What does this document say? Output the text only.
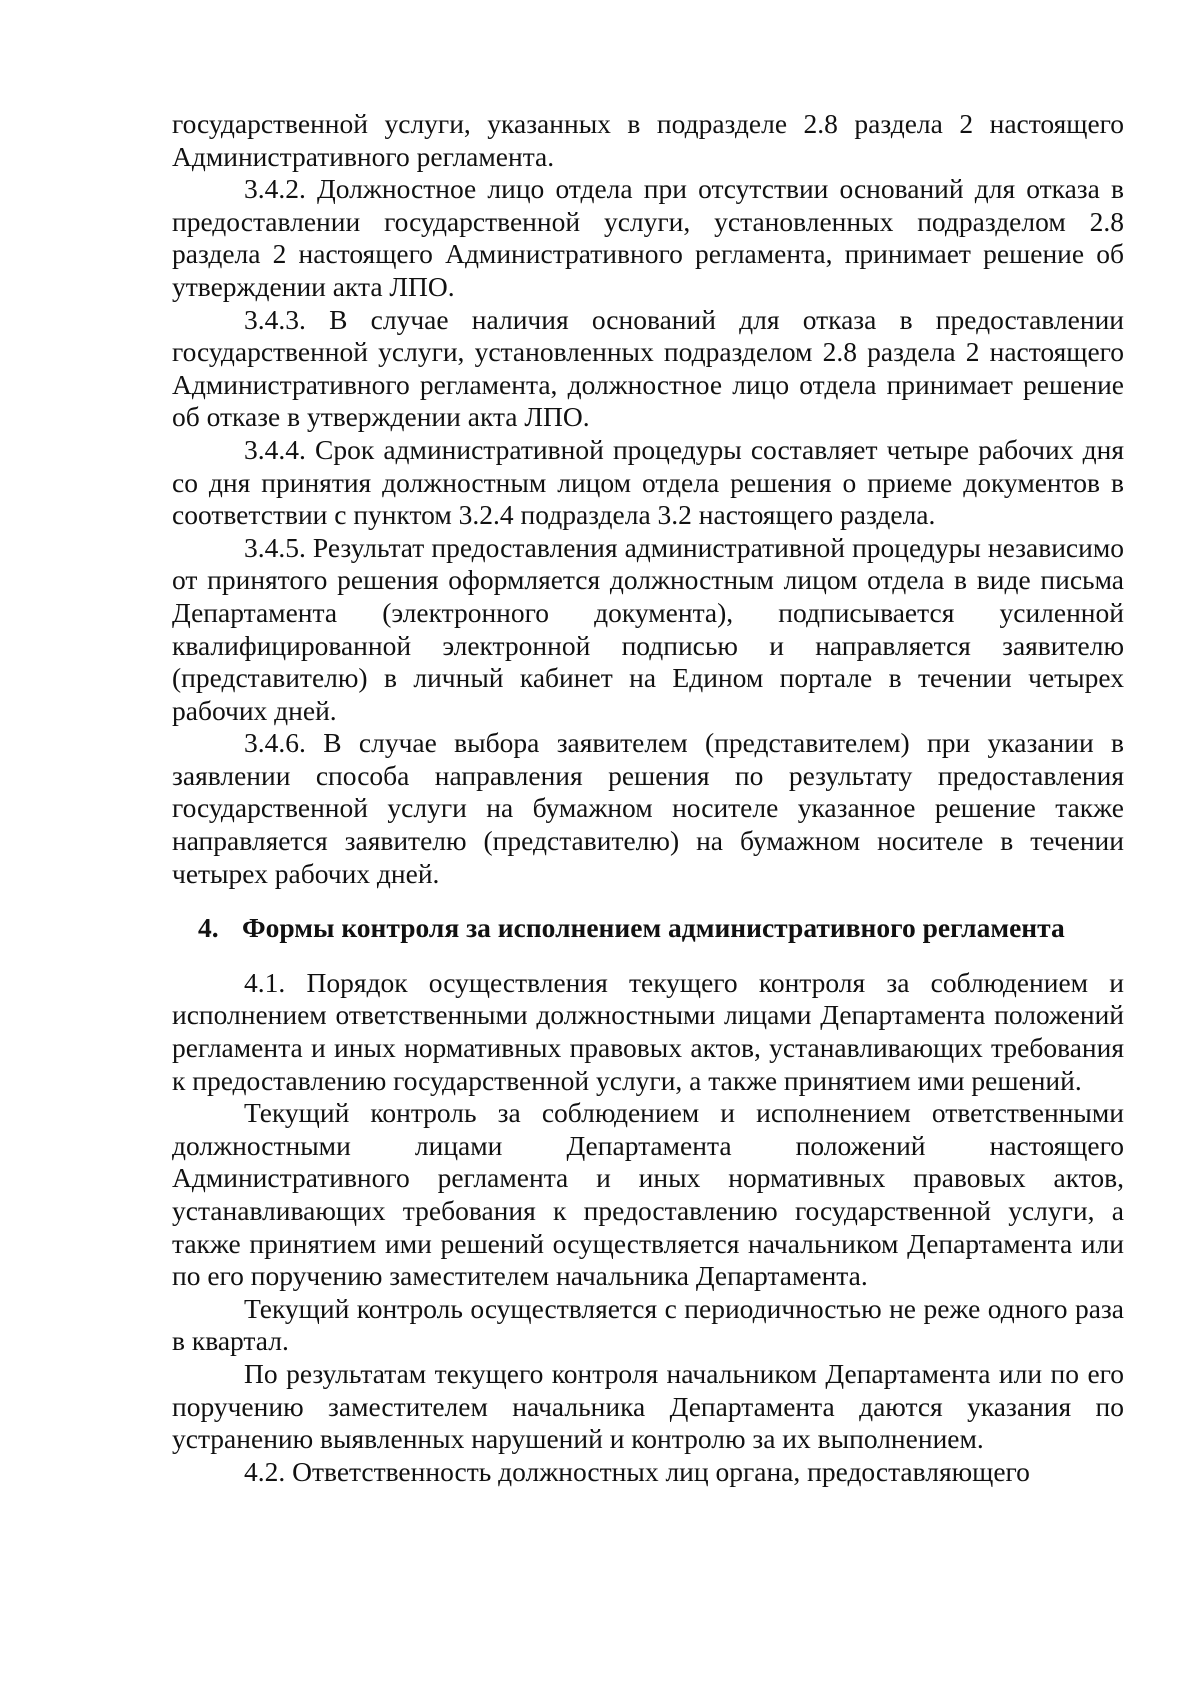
государственной услуги, указанных в подразделе 2.8 раздела 2 настоящего Административного регламента.

3.4.2. Должностное лицо отдела при отсутствии оснований для отказа в предоставлении государственной услуги, установленных подразделом 2.8 раздела 2 настоящего Административного регламента, принимает решение об утверждении акта ЛПО.

3.4.3. В случае наличия оснований для отказа в предоставлении государственной услуги, установленных подразделом 2.8 раздела 2 настоящего Административного регламента, должностное лицо отдела принимает решение об отказе в утверждении акта ЛПО.

3.4.4. Срок административной процедуры составляет четыре рабочих дня со дня принятия должностным лицом отдела решения о приеме документов в соответствии с пунктом 3.2.4 подраздела 3.2 настоящего раздела.

3.4.5. Результат предоставления административной процедуры независимо от принятого решения оформляется должностным лицом отдела в виде письма Департамента (электронного документа), подписывается усиленной квалифицированной электронной подписью и направляется заявителю (представителю) в личный кабинет на Едином портале в течении четырех рабочих дней.

3.4.6. В случае выбора заявителем (представителем) при указании в заявлении способа направления решения по результату предоставления государственной услуги на бумажном носителе указанное решение также направляется заявителю (представителю) на бумажном носителе в течении четырех рабочих дней.

4. Формы контроля за исполнением административного регламента

4.1. Порядок осуществления текущего контроля за соблюдением и исполнением ответственными должностными лицами Департамента положений регламента и иных нормативных правовых актов, устанавливающих требования к предоставлению государственной услуги, а также принятием ими решений.

Текущий контроль за соблюдением и исполнением ответственными должностными лицами Департамента положений настоящего Административного регламента и иных нормативных правовых актов, устанавливающих требования к предоставлению государственной услуги, а также принятием ими решений осуществляется начальником Департамента или по его поручению заместителем начальника Департамента.

Текущий контроль осуществляется с периодичностью не реже одного раза в квартал.

По результатам текущего контроля начальником Департамента или по его поручению заместителем начальника Департамента даются указания по устранению выявленных нарушений и контролю за их выполнением.

4.2. Ответственность должностных лиц органа, предоставляющего
